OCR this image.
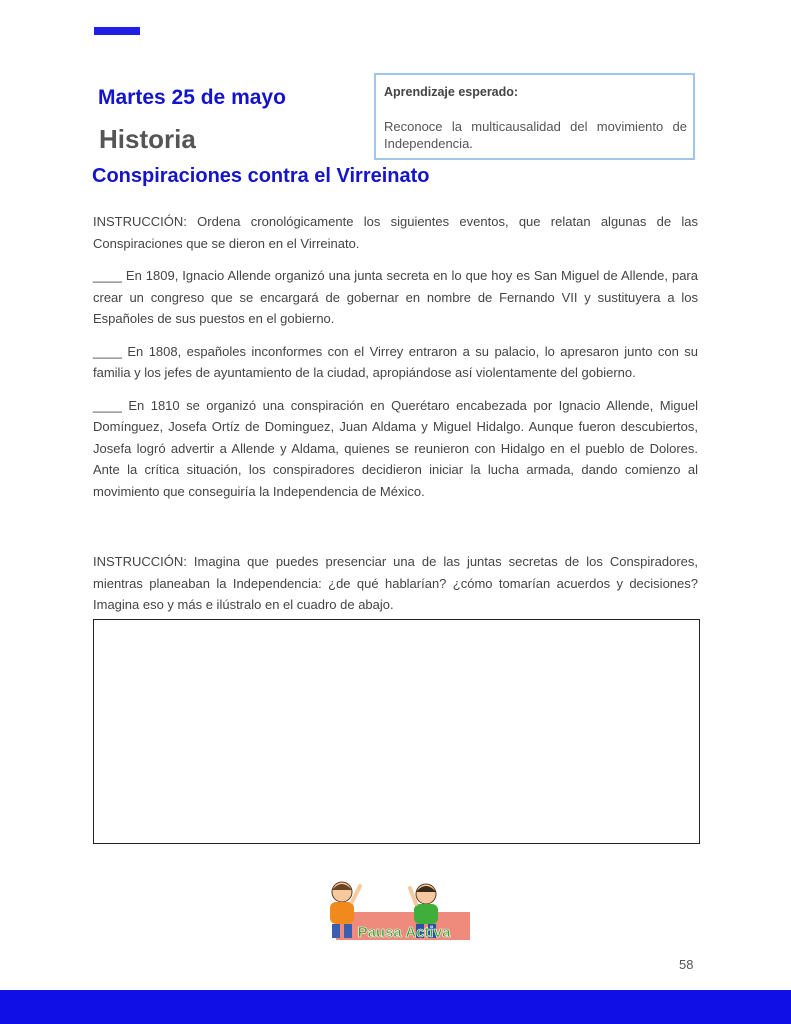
Martes 25 de mayo
Historia
Aprendizaje esperado:
Reconoce la multicausalidad del movimiento de Independencia.
Conspiraciones contra el Virreinato

INSTRUCCIÓN: Ordena cronológicamente los siguientes eventos, que relatan algunas de las Conspiraciones que se dieron en el Virreinato.

____ En 1809, Ignacio Allende organizó una junta secreta en lo que hoy es San Miguel de Allende, para crear un congreso que se encargará de gobernar en nombre de Fernando VII y sustituyera a los Españoles de sus puestos en el gobierno.

____ En 1808, españoles inconformes con el Virrey entraron a su palacio, lo apresaron junto con su familia y los jefes de ayuntamiento de la ciudad, apropiándose así violentamente del gobierno.

____ En 1810 se organizó una conspiración en Querétaro encabezada por Ignacio Allende, Miguel Domínguez, Josefa Ortíz de Dominguez, Juan Aldama y Miguel Hidalgo. Aunque fueron descubiertos, Josefa logró advertir a Allende y Aldama, quienes se reunieron con Hidalgo en el pueblo de Dolores. Ante la crítica situación, los conspiradores decidieron iniciar la lucha armada, dando comienzo al movimiento que conseguiría la Independencia de México.

INSTRUCCIÓN: Imagina que puedes presenciar una de las juntas secretas de los Conspiradores, mientras planeaban la Independencia: ¿de qué hablarían? ¿cómo tomarían acuerdos y decisiones? Imagina eso y más e ilústralo en el cuadro de abajo.

Pausa Activa
58
